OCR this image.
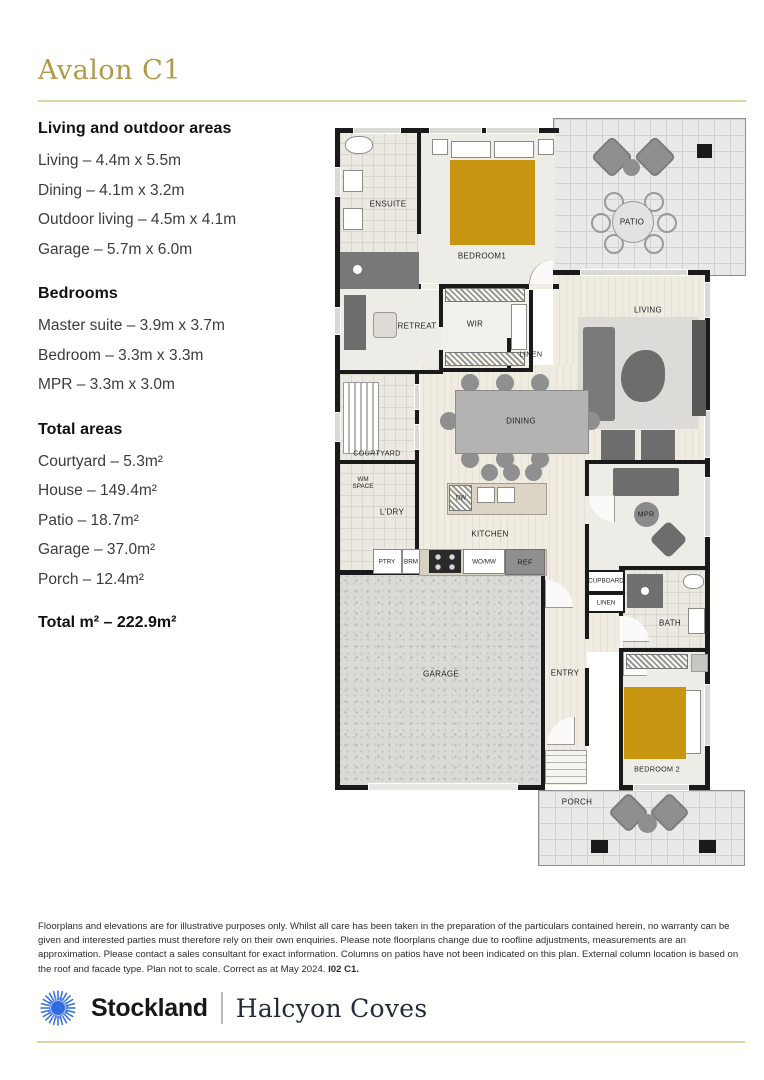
Avalon C1
Living and outdoor areas

Living – 4.4m x 5.5m

Dining – 4.1m x 3.2m

Outdoor living – 4.5m x 4.1m

Garage – 5.7m x 6.0m

Bedrooms

Master suite – 3.9m x 3.7m

Bedroom – 3.3m x 3.3m

MPR – 3.3m x 3.0m

Total areas

Courtyard – 5.3m²

House – 149.4m²

Patio – 18.7m²

Garage – 37.0m²

Porch – 12.4m²

Total m² – 222.9m²

ENSUITE
BEDROOM1
PATIO
RETREAT	WIR
LINEN
LIVING
COURTYARD
DINING
WM SPACE
L'DRY
KITCHEN
DW
PTRY BRM	WO/MW	REF
MPR
CUPBOARD
LINEN
BATH
GARAGE	ENTRY
BEDROOM 2
PORCH
Floorplans and elevations are for illustrative purposes only. Whilst all care has been taken in the preparation of the particulars contained herein, no warranty can be given and interested parties must therefore rely on their own enquiries. Please note floorplans change due to roofline adjustments, measurements are an approximation. Please contact a sales consultant for exact information. Columns on patios have not been indicated on this plan. External column location is based on the roof and facade type. Plan not to scale. Correct as at May 2024. I02 C1.
Stockland Halcyon Coves
